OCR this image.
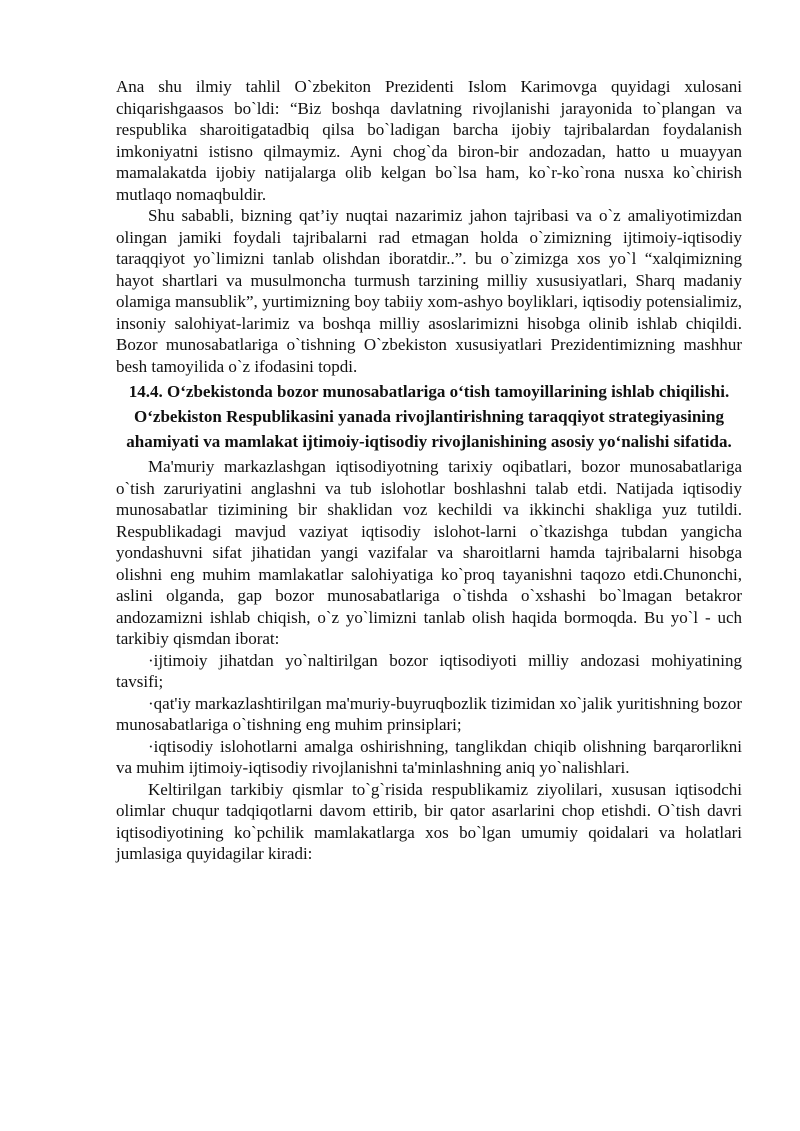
Ana shu ilmiy tahlil O`zbekiton Prezidenti Islom Karimovga quyidagi xulosani chiqarishgaasos bo`ldi: “Biz boshqa davlatning rivojlanishi jarayonida to`plangan va respublika sharoitigatadbiq qilsa bo`ladigan barcha ijobiy tajribalardan foydalanish imkoniyatni istisno qilmaymiz. Ayni chog`da biron-bir andozadan, hatto u muayyan mamalakatda ijobiy natijalarga olib kelgan bo`lsa ham, ko`r-ko`rona nusxa ko`chirish mutlaqo nomaqbuldir.

Shu sababli, bizning qat’iy nuqtai nazarimiz jahon tajribasi va o`z amaliyotimizdan olingan jamiki foydali tajribalarni rad etmagan holda o`zimizning ijtimoiy-iqtisodiy taraqqiyot yo`limizni tanlab olishdan iboratdir..”. bu o`zimizga xos yo`l “xalqimizning hayot shartlari va musulmoncha turmush tarzining milliy xususiyatlari, Sharq madaniy olamiga mansublik”, yurtimizning boy tabiiy xom-ashyo boyliklari, iqtisodiy potensialimiz, insoniy salohiyat-larimiz va boshqa milliy asoslarimizni hisobga olinib ishlab chiqildi. Bozor munosabatlariga o`tishning O`zbekiston xususiyatlari Prezidentimizning mashhur besh tamoyilida o`z ifodasini topdi.

14.4. O‘zbekistonda bozor munosabatlariga o‘tish tamoyillarining ishlab chiqilishi. O‘zbekiston Respublikasini yanada rivojlantirishning taraqqiyot strategiyasining ahamiyati va mamlakat ijtimoiy-iqtisodiy rivojlanishining asosiy yo‘nalishi sifatida.

Ma'muriy markazlashgan iqtisodiyotning tarixiy oqibatlari, bozor munosabatlariga o`tish zaruriyatini anglashni va tub islohotlar boshlashni talab etdi. Natijada iqtisodiy munosabatlar tizimining bir shaklidan voz kechildi va ikkinchi shakliga yuz tutildi. Respublikadagi mavjud vaziyat iqtisodiy islohot-larni o`tkazishga tubdan yangicha yondashuvni sifat jihatidan yangi vazifalar va sharoitlarni hamda tajribalarni hisobga olishni eng muhim mamlakatlar salohiyatiga ko`proq tayanishni taqozo etdi.Chunonchi, aslini olganda, gap bozor munosabatlariga o`tishda o`xshashi bo`lmagan betakror andozamizni ishlab chiqish, o`z yo`limizni tanlab olish haqida bormoqda. Bu yo`l - uch tarkibiy qismdan iborat:

·ijtimoiy jihatdan yo`naltirilgan bozor iqtisodiyoti milliy andozasi mohiyatining tavsifi;

·qat'iy markazlashtirilgan ma'muriy-buyruqbozlik tizimidan xo`jalik yuritishning bozor munosabatlariga o`tishning eng muhim prinsiplari;

·iqtisodiy islohotlarni amalga oshirishning, tanglikdan chiqib olishning barqarorlikni va muhim ijtimoiy-iqtisodiy rivojlanishni ta'minlashning aniq yo`nalishlari.

Keltirilgan tarkibiy qismlar to`g`risida respublikamiz ziyolilari, xususan iqtisodchi olimlar chuqur tadqiqotlarni davom ettirib, bir qator asarlarini chop etishdi. O`tish davri iqtisodiyotining ko`pchilik mamlakatlarga xos bo`lgan umumiy qoidalari va holatlari jumlasiga quyidagilar kiradi:
